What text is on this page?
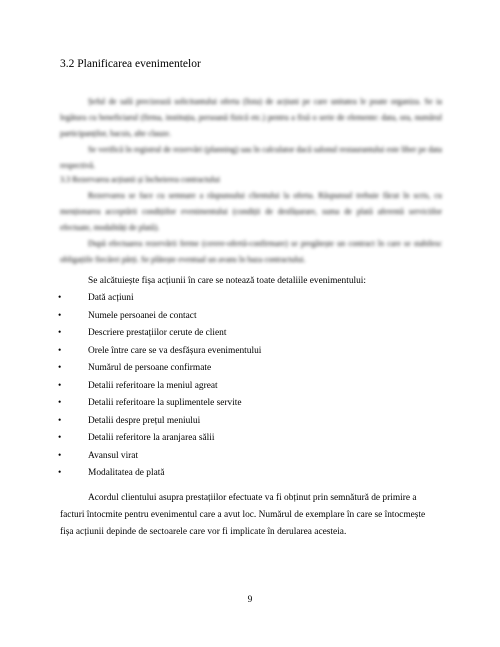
3.2 Planificarea evenimentelor

Șeful de sală precizează solicitantului oferta (lista) de acțiuni pe care unitatea le poate organiza. Se ia legătura cu beneficiarul (firma, instituția, persoană fizică etc.) pentru a fixă o serie de elemente: data, ora, numărul participanților, bacsis, alte clauze.

Se verifică în registrul de rezervări (planning) sau în calculator dacă salonul restaurantului este liber pe data respectivă.

3.3 Rezervarea acțiunii și încheierea contractului

Rezervarea se face cu semnare a răspunsului clientului la oferta. Răspunsul trebuie făcut în scris, cu menționarea acceptării condițiilor evenimentului (condiții de desfășurare, suma de plată aferentă serviciilor efectuate, modalități de plată).

După efectuarea rezervării ferme (cerere-ofertă-confirmare) se pregătește un contract în care se stabilesc obligațiile fiecărei părți. Se plătește eventual un avans în baza contractului.

Se alcătuiește fișa acțiunii în care se notează toate detaliile evenimentului:
•	Dată acțiuni
•	Numele persoanei de contact
•	Descriere prestațiilor cerute de client
•	Orele între care se va desfășura evenimentului
•	Numărul de persoane confirmate
•	Detalii referitoare la meniul agreat
•	Detalii referitoare la suplimentele servite
•	Detalii despre prețul meniului
•	Detalii referitore la aranjarea sălii
•	Avansul virat
•	Modalitatea de plată
Acordul clientului asupra prestațiilor efectuate va fi obținut prin semnătură de primire a
facturi întocmite pentru evenimentul care a avut loc. Numărul de exemplare în care se întocmește
fișa acțiunii depinde de sectoarele care vor fi implicate în derularea acesteia.
9
